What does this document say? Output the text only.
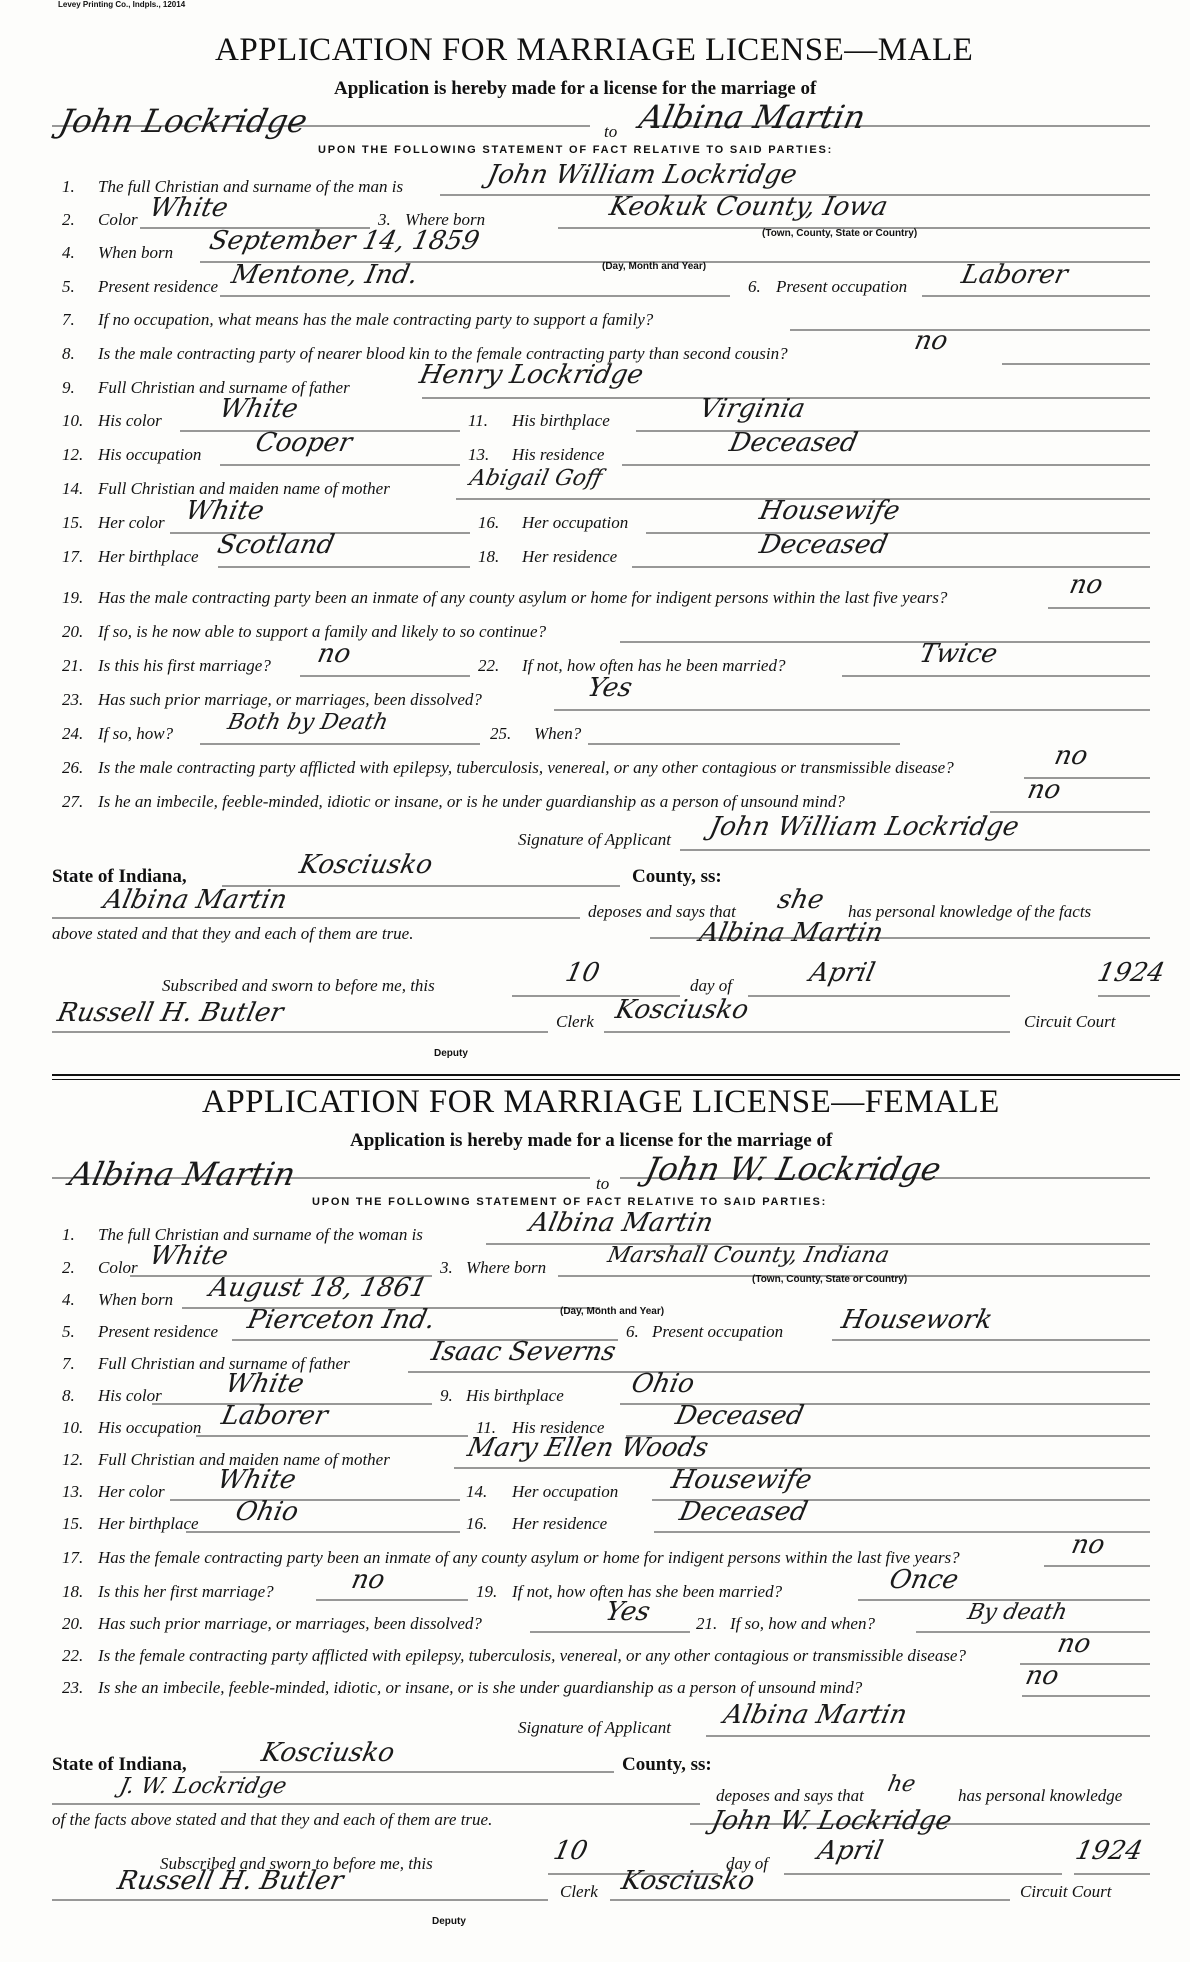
Levey Printing Co., Indpls., 12014
APPLICATION FOR MARRIAGE LICENSE—MALE
Application is hereby made for a license for the marriage of
John Lockridge	to Albina Martin
UPON THE FOLLOWING STATEMENT OF FACT RELATIVE TO SAID PARTIES:
1. The full Christian and surname of the man is	John William Lockridge
2. Color White	3. Where born	Keokuk County, Iowa
(Town, County, State or Country)
4. When born September 14, 1859
(Day, Month and Year)
5. Present residence Mentone, Ind.	6. Present occupation Laborer
7. If no occupation, what means has the male contracting party to support a family?
8. Is the male contracting party of nearer blood kin to the female contracting party than second cousin?	no
9. Full Christian and surname of father	Henry Lockridge
10. His color White	11. His birthplace	Virginia
12. His occupation Cooper	13. His residence	Deceased
14. Full Christian and maiden name of mother	Abigail Goff
15. Her color White	16. Her occupation	Housewife
17. Her birthplace Scotland	18. Her residence	Deceased
19. Has the male contracting party been an inmate of any county asylum or home for indigent persons within the last five years?	no
20. If so, is he now able to support a family and likely to so continue?
21. Is this his first marriage? no	22. If not, how often has he been married?	Twice
23. Has such prior marriage, or marriages, been dissolved?	Yes
24. If so, how? Both by Death	25. When?
26. Is the male contracting party afflicted with epilepsy, tuberculosis, venereal, or any other contagious or transmissible disease?	no
27. Is he an imbecile, feeble-minded, idiotic or insane, or is he under guardianship as a person of unsound mind?	no
Signature of Applicant John William Lockridge
State of Indiana,	Kosciusko	County, ss:
Albina Martin	deposes and says that she has personal knowledge of the facts
above stated and that they and each of them are true.	Albina Martin
Subscribed and sworn to before me, this	10	day of	April	1924
Russell H. Butler	Clerk Kosciusko	Circuit Court
Deputy
APPLICATION FOR MARRIAGE LICENSE—FEMALE
Application is hereby made for a license for the marriage of
Albina Martin	to John W. Lockridge
UPON THE FOLLOWING STATEMENT OF FACT RELATIVE TO SAID PARTIES:
1. The full Christian and surname of the woman is	Albina Martin
2. Color White	3. Where born	Marshall County, Indiana
(Town, County, State or Country)
4. When born August 18, 1861
(Day, Month and Year)
5. Present residence Pierceton Ind.	6. Present occupation Housework
7. Full Christian and surname of father	Isaac Severns
8. His color White	9. His birthplace	Ohio
10. His occupation Laborer	11. His residence	Deceased
12. Full Christian and maiden name of mother	Mary Ellen Woods
13. Her color White	14. Her occupation Housewife
15. Her birthplace Ohio	16. Her residence	Deceased
17. Has the female contracting party been an inmate of any county asylum or home for indigent persons within the last five years?	no
18. Is this her first marriage?	no	19. If not, how often has she been married?	Once
20. Has such prior marriage, or marriages, been dissolved?	Yes	21. If so, how and when?	By death
22. Is the female contracting party afflicted with epilepsy, tuberculosis, venereal, or any other contagious or transmissible disease?	no
23. Is she an imbecile, feeble-minded, idiotic, or insane, or is she under guardianship as a person of unsound mind?	no
Signature of Applicant Albina Martin
State of Indiana,	Kosciusko	County, ss:
J. W. Lockridge	deposes and says that he has personal knowledge
of the facts above stated and that they and each of them are true.	John W. Lockridge
Subscribed and sworn to before me, this	10	day of April	1924
Russell H. Butler	Clerk Kosciusko	Circuit Court
Deputy
